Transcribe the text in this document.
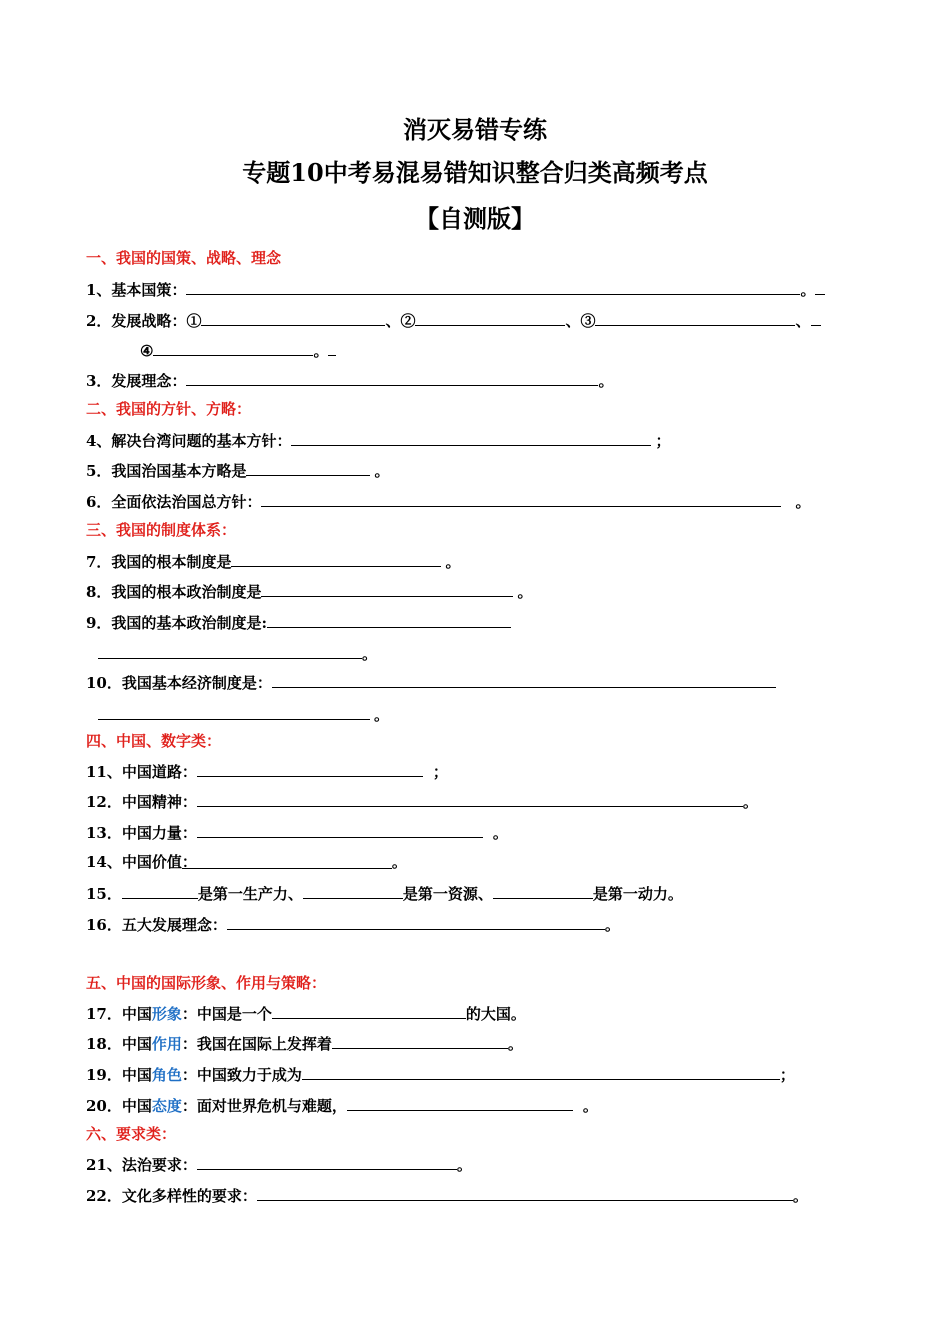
消灭易错专练
专题10中考易混易错知识整合归类高频考点
【自测版】
一、我国的国策、战略、理念
1、基本国策：	。
2．发展战略：①	、②	、③	、
④	。
3．发展理念：	。
二、我国的方针、方略：
4、解决台湾问题的基本方针：	；
5．我国治国基本方略是	。
6．全面依法治国总方针：	。
三、我国的制度体系：
7．我国的根本制度是	。
8．我国的根本政治制度是	。
9．我国的基本政治制度是:
。
10．我国基本经济制度是：
。
四、中国、数字类：
11、中国道路：	；
12．中国精神：	。
13．中国力量：	。
14、中国价值：	。
15．	是第一生产力、	是第一资源、	是第一动力。
16．五大发展理念：	。
五、中国的国际形象、作用与策略：
17．中国形象：中国是一个	的大国。
18．中国作用：我国在国际上发挥着	。
19．中国角色：中国致力于成为	；
20．中国态度：面对世界危机与难题，	。
六、要求类：
21、法治要求：	。
22．文化多样性的要求：	。
